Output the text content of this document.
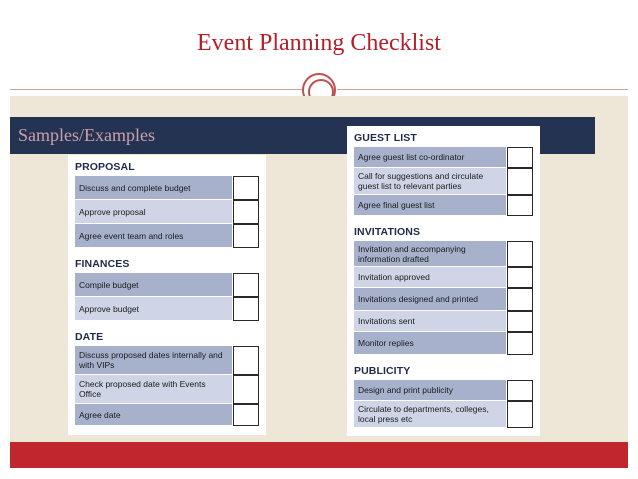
Event Planning Checklist
Samples/Examples
PROPOSAL
Discuss and complete budget
Approve proposal
Agree event team and roles
FINANCES
Compile budget
Approve budget
DATE
Discuss proposed dates internally and with VIPs
Check proposed date with Events Office
Agree date
GUEST LIST
Agree guest list co-ordinator
Call for suggestions and circulate guest list to relevant parties
Agree final guest list
INVITATIONS
Invitation and accompanying information drafted
Invitation approved
Invitations designed and printed
Invitations sent
Monitor replies
PUBLICITY
Design and print publicity
Circulate to departments, colleges, local press etc
